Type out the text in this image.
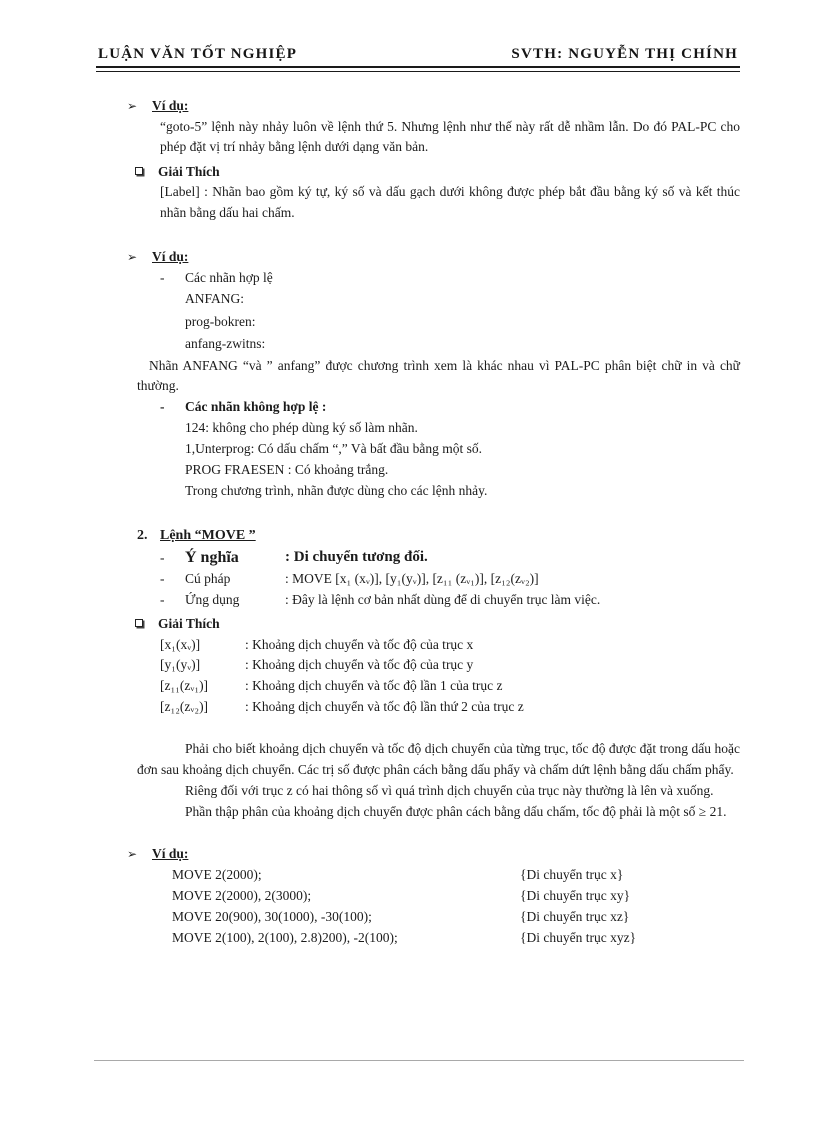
LUẬN VĂN TỐT NGHIỆP	SVTH: NGUYỄN THỊ CHÍNH
➢ Ví dụ:
“goto-5” lệnh này nhảy luôn về lệnh thứ 5. Nhưng lệnh như thế này rất dễ nhầm lẫn. Do đó PAL-PC cho phép đặt vị trí nhảy bằng lệnh dưới dạng văn bản.
Giải Thích
[Label] : Nhãn bao gồm ký tự, ký số và dấu gạch dưới không được phép bắt đầu bằng ký số và kết thúc nhãn bằng dấu hai chấm.
➢ Ví dụ:
- Các nhãn hợp lệ
ANFANG:
prog-bokren:
anfang-zwitns:
Nhãn ANFANG “và ” anfang” được chương trình xem là khác nhau vì PAL-PC phân biệt chữ in và chữ thường.
- Các nhãn không hợp lệ :
124: không cho phép dùng ký số làm nhãn.
1,Unterprog: Có dấu chấm “,” Và bất đầu bằng một số.
PROG FRAESEN : Có khoảng trắng.
Trong chương trình, nhãn được dùng cho các lệnh nhảy.
2. Lệnh “MOVE ”
-	Ý nghĩa	: Di chuyển tương đối.
-	Cú pháp	: MOVE [x₁ (xᵥ)], [y₁(yᵥ)], [z₁₁ (zᵥ₁)], [z₁₂(zᵥ₂)]
-	Ứng dụng	: Đây là lệnh cơ bản nhất dùng để di chuyển trục làm việc.
Giải Thích
[x₁(xᵥ)]	: Khoảng dịch chuyển và tốc độ của trục x
[y₁(yᵥ)]	: Khoảng dịch chuyển và tốc độ của trục y
[z₁₁(zᵥ₁)]	: Khoảng dịch chuyển và tốc độ lần 1 của trục z
[z₁₂(zᵥ₂)]	: Khoảng dịch chuyển và tốc độ lần thứ 2 của trục z

Phải cho biết khoảng dịch chuyển và tốc độ dịch chuyển của từng trục, tốc độ được đặt trong dấu hoặc đơn sau khoảng dịch chuyển. Các trị số được phân cách bằng dấu phẩy và chấm dứt lệnh bằng dấu chấm phẩy.

Riêng đối với trục z có hai thông số vì quá trình dịch chuyển của trục này thường là lên và xuống.

Phần thập phân của khoảng dịch chuyển được phân cách bằng dấu chấm, tốc độ phải là một số ≥ 21.

➢ Ví dụ:
MOVE 2(2000);	{Di chuyển trục x}
MOVE 2(2000), 2(3000);	{Di chuyển trục xy}
MOVE 20(900), 30(1000), -30(100);	{Di chuyển trục xz}
MOVE 2(100), 2(100), 2.8)200), -2(100);	{Di chuyển trục xyz}
